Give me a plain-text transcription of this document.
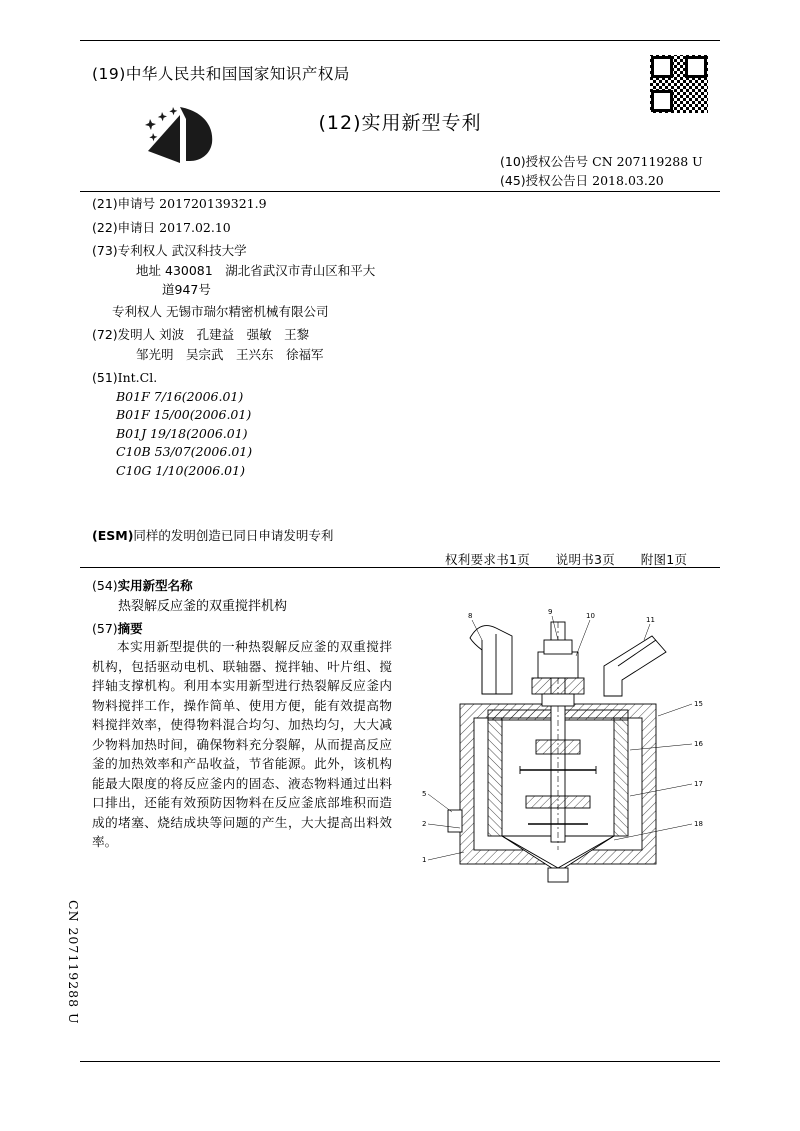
(19)中华人民共和国国家知识产权局
(12)实用新型专利
(10)授权公告号 CN 207119288 U
(45)授权公告日 2018.03.20
(21)申请号 201720139321.9
(22)申请日 2017.02.10
(73)专利权人 武汉科技大学
地址 430081　湖北省武汉市青山区和平大
道947号
专利权人 无锡市瑞尔精密机械有限公司
(72)发明人 刘波　孔建益　强敏　王黎
邹光明　吴宗武　王兴东　徐福军
(51)Int.Cl.
B01F 7/16(2006.01)
B01F 15/00(2006.01)
B01J 19/18(2006.01)
C10B 53/07(2006.01)
C10G 1/10(2006.01)
(ESM)同样的发明创造已同日申请发明专利
权利要求书1页　　说明书3页　　附图1页
(54)实用新型名称
热裂解反应釜的双重搅拌机构
(57)摘要
本实用新型提供的一种热裂解反应釜的双重搅拌机构，包括驱动电机、联轴器、搅拌轴、叶片组、搅拌轴支撑机构。利用本实用新型进行热裂解反应釜内物料搅拌工作，操作简单、使用方便，能有效提高物料搅拌效率，使得物料混合均匀、加热均匀，大大减少物料加热时间，确保物料充分裂解，从而提高反应釜的加热效率和产品收益，节省能源。此外，该机构能最大限度的将反应釜内的固态、液态物料通过出料口排出，还能有效预防因物料在反应釜底部堆积而造成的堵塞、烧结成块等问题的产生，大大提高出料效率。
CN 207119288 U
8	9	10	11
15
16
17
18
5
2
1
